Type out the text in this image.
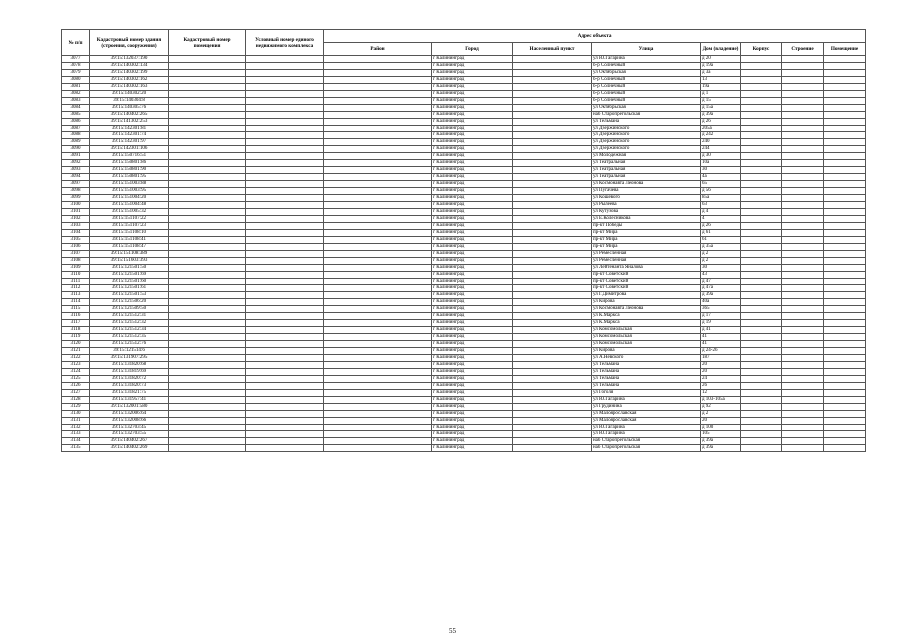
№ п/п	Кадастровый номер здания (строения, сооружения)	Кадастровый номер помещения	Условный номер единого недвижимого комплекса	Адрес объекта							
				Район	Город	Населенный пункт	Улица	Дом (владение)	Корпус	Строение	Помещение
3077	39:15:132037:190				г Калининград		ул Ю.Гагарина	д 20			
3078	39:15:140302:134				г Калининград		б-р Солнечный	д 19а			
3079	39:15:140302:199				г Калининград		ул Октябрьская	д 3а			
3080	39:15:140302:162				г Калининград		б-р Солнечный	13			
3081	39:15:140302:163				г Калининград		б-р Солнечный	19а			
3082	39:15:140302:20				г Калининград		б-р Солнечный	д 1			
3083	39:15:140304:8				г Калининград		б-р Солнечный	д 15			
3084	39:15:140305:76				г Калининград		ул Октябрьская	д 15а			
3085	39:15:140402:265				г Калининград		наб Старопрегольская	д 39а			
3086	39:15:141302:253				г Калининград		ул Тельмана	д 26			
3087	39:15:142301:81				г Калининград		ул Дзержинского	205а			
3088	39:15:142301:74				г Калининград		ул Дзержинского	д 242			
3089	39:15:142301:97				г Калининград		ул Дзержинского	240			
3090	39:15:142301:106				г Калининград		ул Дзержинского	244			
3091	39:15:150716:51				г Калининград		ул Молодёжная	д 30			
3092	39:15:150801:86				г Калининград		ул Театральная	10а			
3093	39:15:150801:90				г Калининград		ул Театральная	30			
3094	39:15:150801:95				г Калининград		ул Театральная	4а			
3097	39:15:151003:88				г Калининград		ул Космонавта Леонова	65			
3098	39:15:151003:95				г Калининград		ул Пугачева	д 56			
3099	39:15:151004:20				г Калининград		ул Кошевого	85а			
3100	39:15:151004:48				г Калининград		ул Рылеева	63			
3101	39:15:151005:32				г Калининград		ул Кутузова	д 4			
3102	39:15:151107:22				г Калининград		ул Е.Колесникова	4			
3103	39:15:151107:23				г Калининград		пр-кт Победы	д 26			
3104	39:15:151108:10				г Калининград		пр-кт Мира	д 61			
3105	39:15:151108:41				г Калининград		пр-кт Мира	61			
3106	39:15:151108:47				г Калининград		пр-кт Мира	д 35а			
3107	39:15:151108:389				г Калининград		ул Ремесленная	д 2			
3108	39:15:151603:393				г Калининград		ул Ремесленная	д 2			
3109	39:15:121501:50				г Калининград		ул Лейтенанта Яналова	30			
3110	39:15:121501:69				г Калининград		пр-кт Советский	43			
3111	39:15:121501:60				г Калининград		пр-кт Советский	д 47			
3112	39:15:121501:61				г Калининград		пр-кт Советский	д 47а			
3113	39:15:121501:53				г Калининград		ул Г.Димитрова	д 39а			
3114	39:15:121506:20				г Калининград		ул Кирова	40а			
3115	39:15:121509:50				г Калининград		ул Космонавта Леонова	365			
3116	39:15:121512:31				г Калининград		ул К.Маркса	д 17			
3117	39:15:121512:32				г Калининград		ул К.Маркса	д 19			
3118	39:15:121512:34				г Калининград		ул Комсомольская	д 41			
3119	39:15:121512:35				г Калининград		ул Комсомольская	41			
3120	39:15:121512:76				г Калининград		ул Комсомольская	41			
3121	39:15:121514:6				г Калининград		ул Кирова	д 24-26			
3122	39:15:131907:295				г Калининград		ул А.Невского	187			
3123	39:15:131820:68				г Калининград		ул Тельмана	20			
3124	39:15:131819:69				г Калининград		ул Тельмана	20			
3125	39:15:131820:72				г Калининград		ул Тельмана	24			
3126	39:15:131820:73				г Калининград		ул Тельмана	26			
3127	39:15:131821:75				г Калининград		ул Гоголя	12			
3128	39:15:131957:41				г Калининград		ул Ю.Гагарина	д 103-105а			
3129	39:15:132001:580				г Калининград		ул Грудинина	д 92			
3130	39:15:132006:64				г Калининград		ул Малоярославская	д 2			
3131	39:15:132008:66				г Калининград		ул Малоярославская	20			
3132	39:15:132703:45				г Калининград		ул Ю.Гагарина	д 100			
3133	39:15:132703:55				г Калининград		ул Ю.Гагарина	105			
3134	39:15:140402:267				г Калининград		наб Старопрегольская	д 39а			
3135	39:15:140402:269				г Калининград		наб Старопрегольская	д 39а			
55
